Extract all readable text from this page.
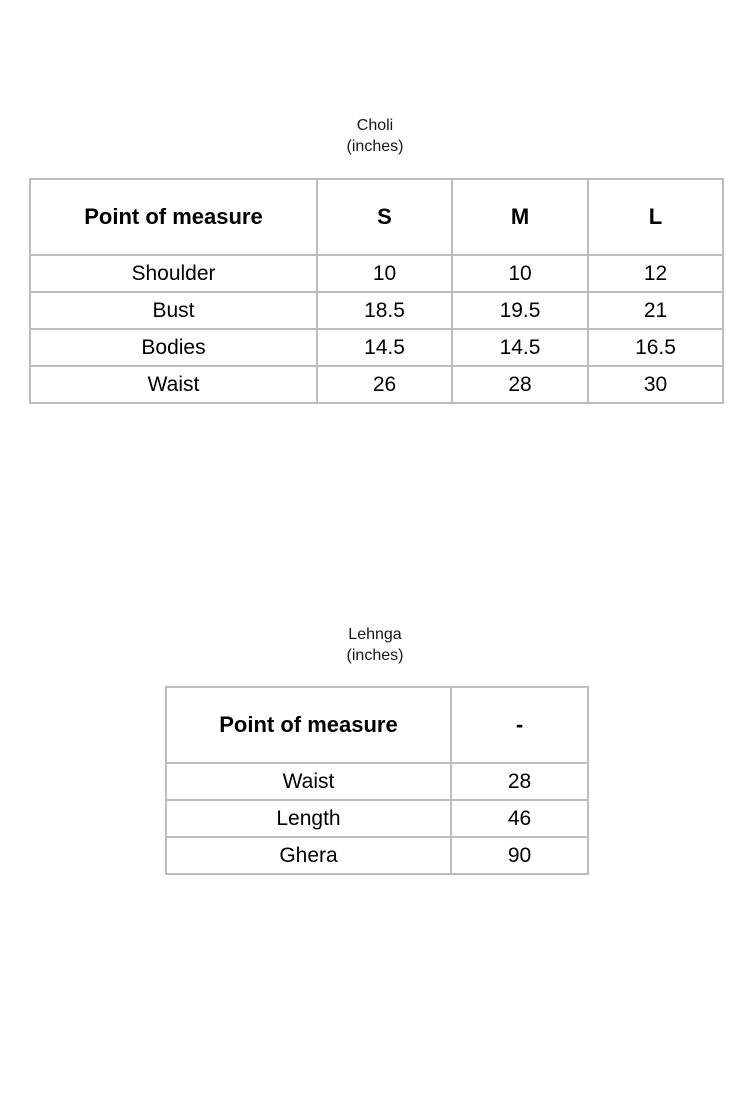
Choli
(inches)
Point of measure	S	M	L
Shoulder	10	10	12
Bust	18.5	19.5	21
Bodies	14.5	14.5	16.5
Waist	26	28	30
Lehnga
(inches)
Point of measure	-
Waist	28
Length	46
Ghera	90
